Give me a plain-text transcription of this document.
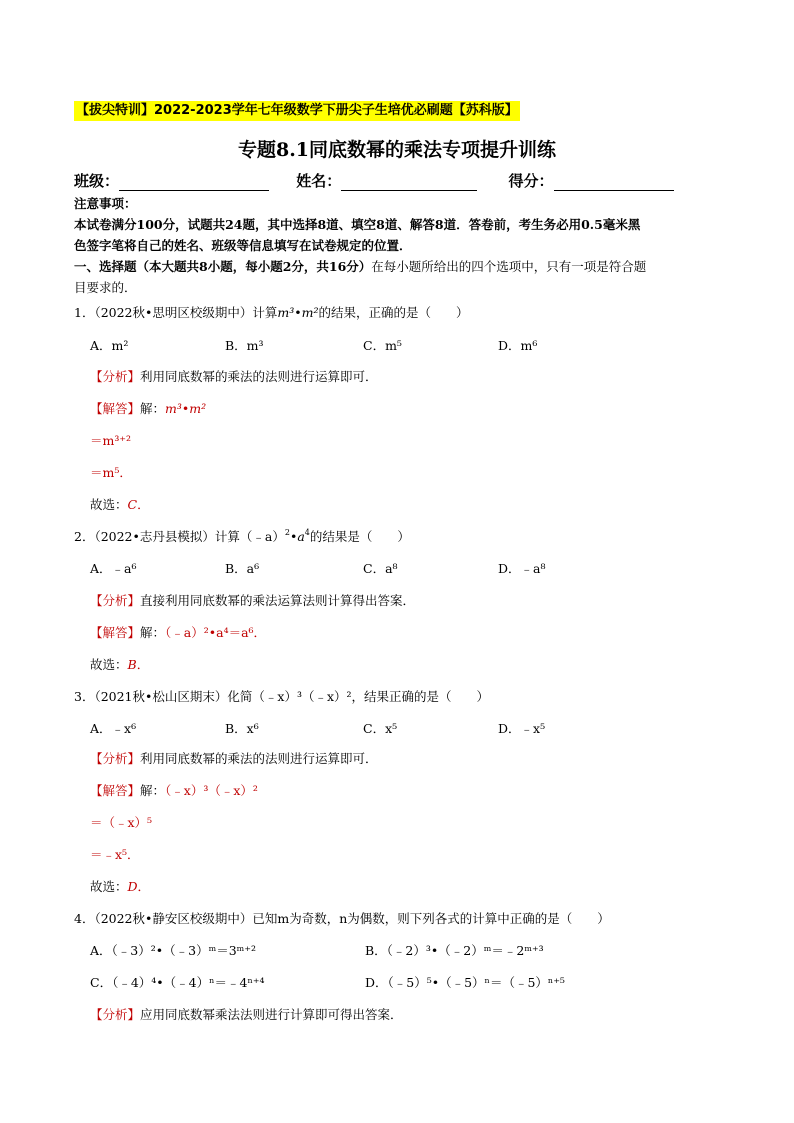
【拔尖特训】2022-2023学年七年级数学下册尖子生培优必刷题【苏科版】
专题8.1同底数幂的乘法专项提升训练
班级：	姓名：	得分：
注意事项：
本试卷满分100分，试题共24题，其中选择8道、填空8道、解答8道．答卷前，考生务必用0.5毫米黑
色签字笔将自己的姓名、班级等信息填写在试卷规定的位置．
一、选择题（本大题共8小题，每小题2分，共16分）在每小题所给出的四个选项中，只有一项是符合题
目要求的．
1．（2022秋•思明区校级期中）计算m³•m²的结果，正确的是（　　）
A．m²	B．m³	C．m⁵	D．m⁶
【分析】利用同底数幂的乘法的法则进行运算即可．
【解答】解：m³•m²
＝m³⁺²
＝m⁵．
故选：C．
2．（2022•志丹县模拟）计算$(﹣a)^2•a^4$的结果是（　　）
A．﹣a⁶	B．a⁶	C．a⁸	D．﹣a⁸
【分析】直接利用同底数幂的乘法运算法则计算得出答案．
【解答】解：（﹣a）²•a⁴＝a⁶．
故选：B．
3．（2021秋•松山区期末）化简（﹣x）³（﹣x）²，结果正确的是（　　）
A．﹣x⁶	B．x⁶	C．x⁵	D．﹣x⁵
【分析】利用同底数幂的乘法的法则进行运算即可．
【解答】解：（﹣x）³（﹣x）²
＝（﹣x）⁵
＝﹣x⁵．
故选：D．
4．（2022秋•静安区校级期中）已知m为奇数，n为偶数，则下列各式的计算中正确的是（　　）
A．（﹣3）²•（﹣3）ᵐ＝3ᵐ⁺²	B．（﹣2）³•（﹣2）ᵐ＝﹣2ᵐ⁺³
C．（﹣4）⁴•（﹣4）ⁿ＝﹣4ⁿ⁺⁴	D．（﹣5）⁵•（﹣5）ⁿ＝（﹣5）ⁿ⁺⁵
【分析】应用同底数幂乘法法则进行计算即可得出答案．
